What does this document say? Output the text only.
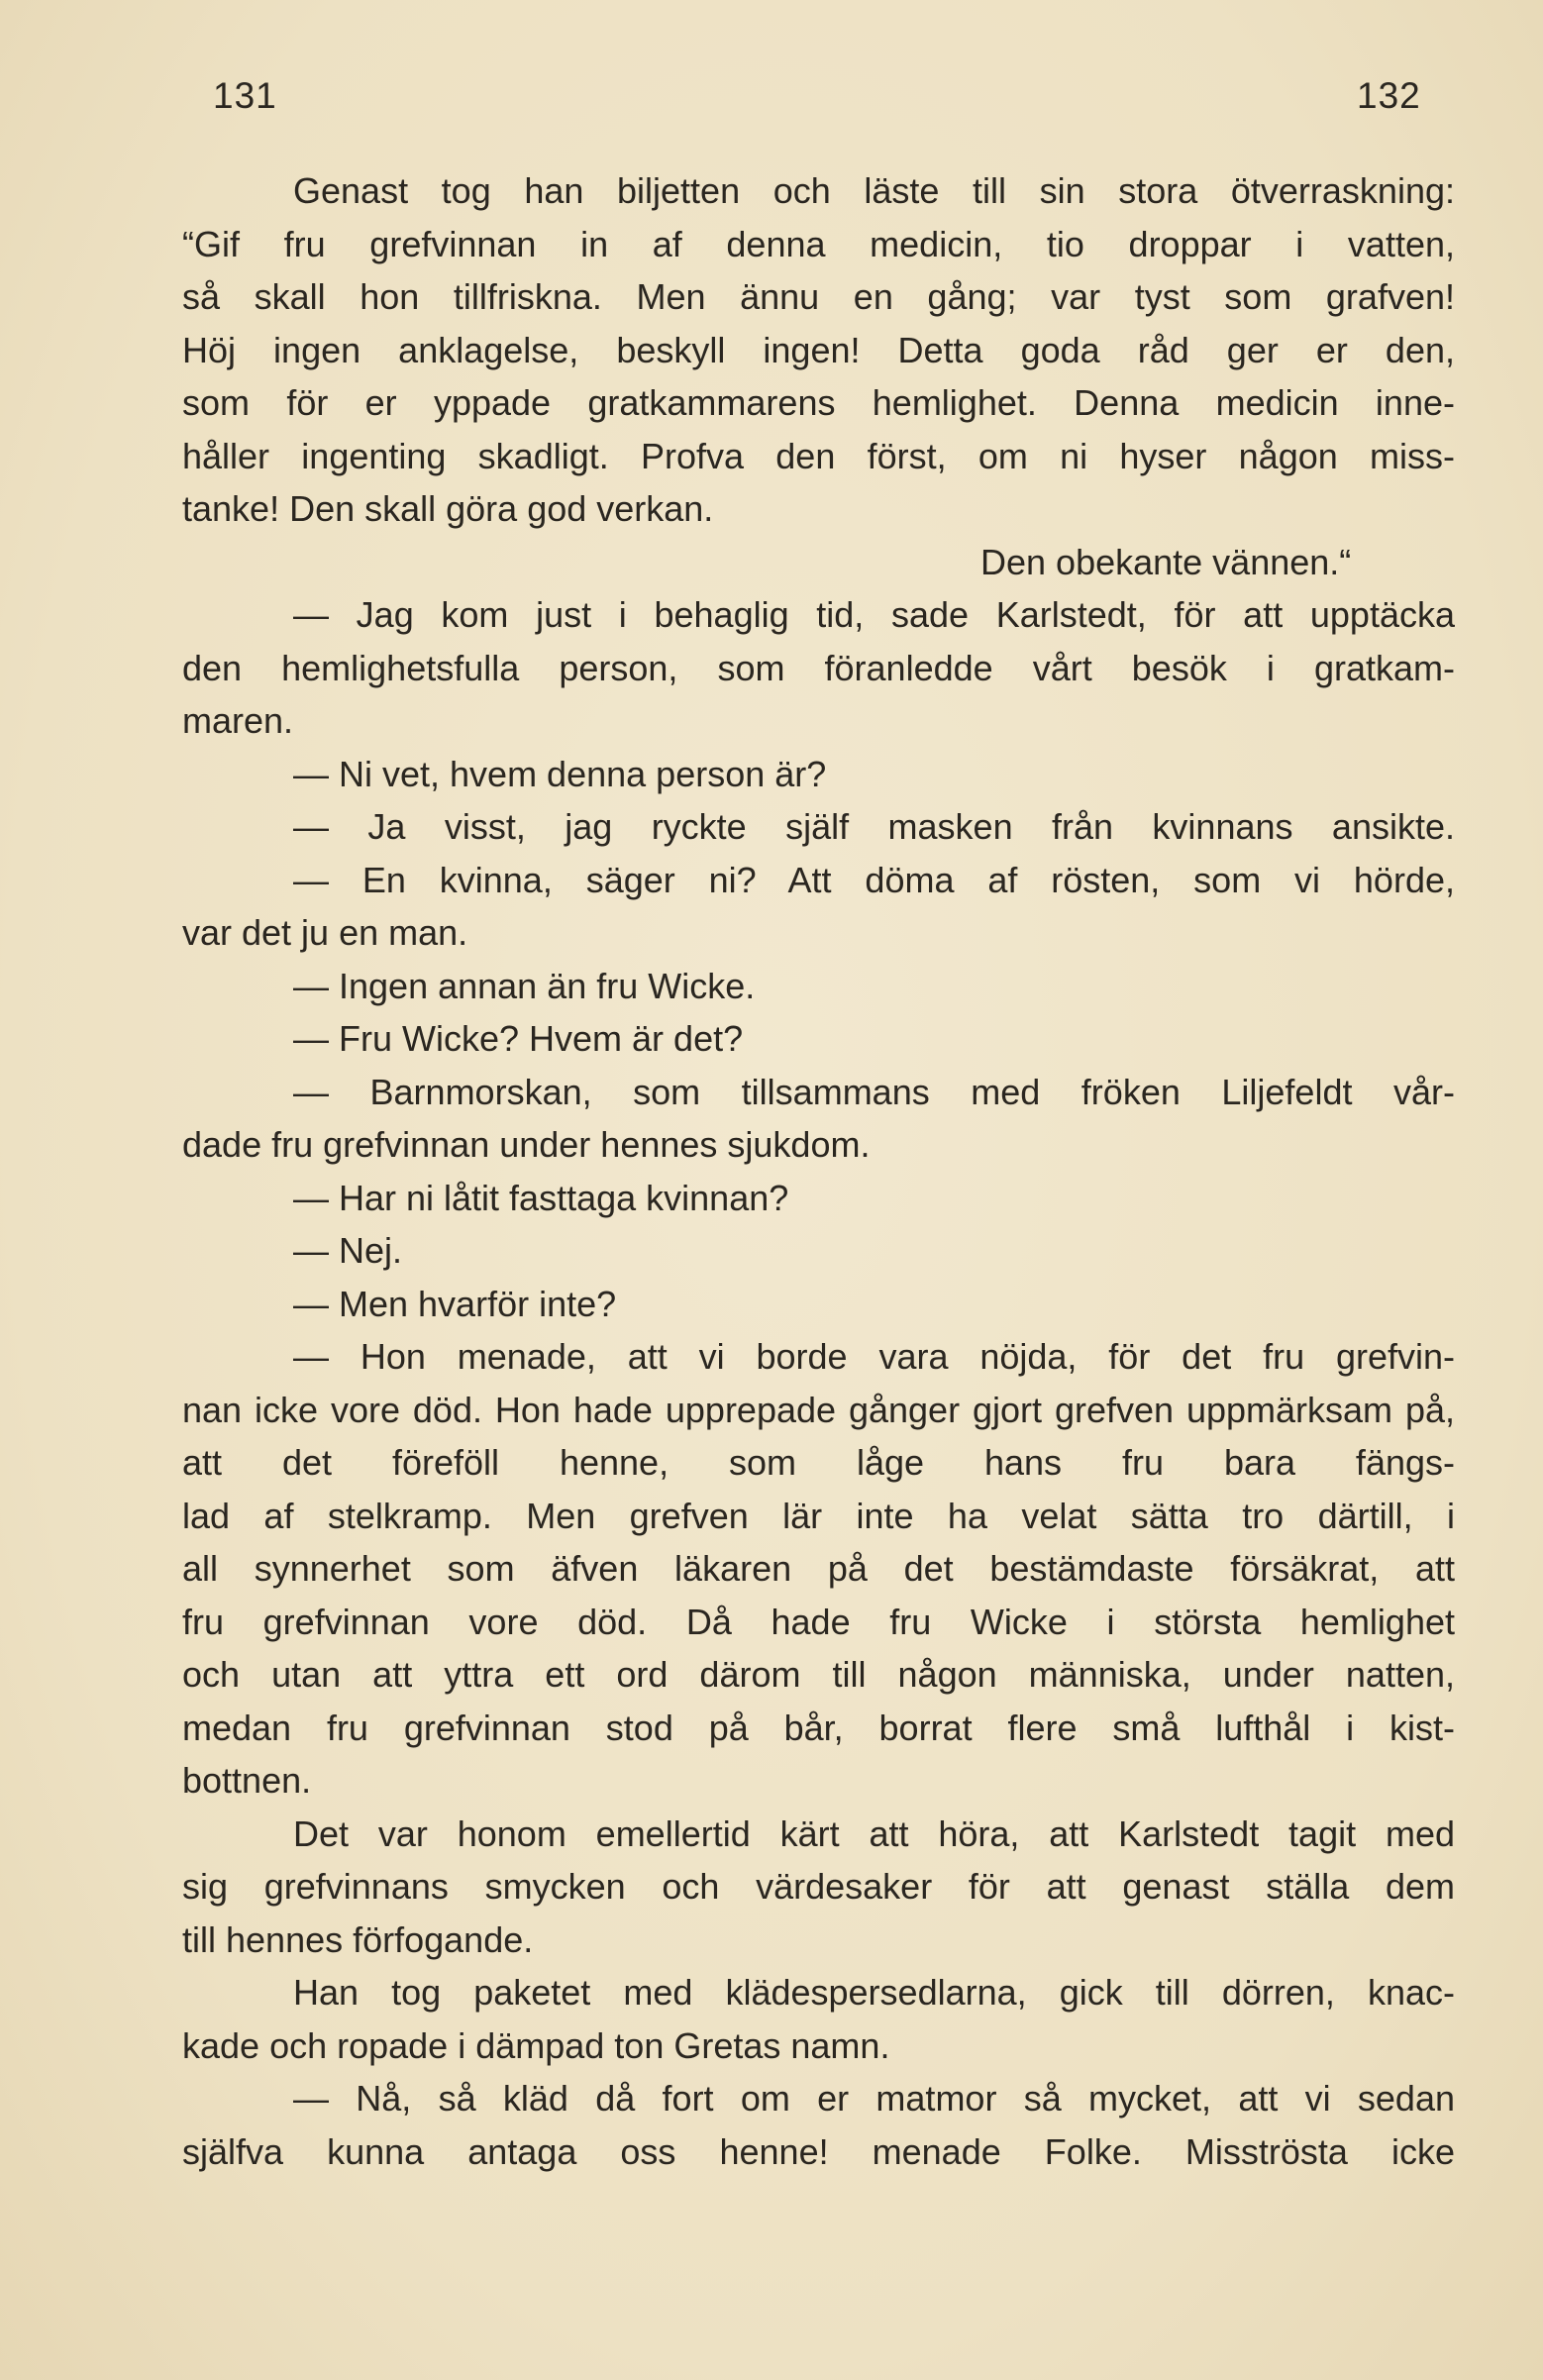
131	132
Genast tog han biljetten och läste till sin stora ötverraskning:
“Gif fru grefvinnan in af denna medicin, tio droppar i vatten,
så skall hon tillfriskna. Men ännu en gång; var tyst som grafven!
Höj ingen anklagelse, beskyll ingen! Detta goda råd ger er den,
som för er yppade gratkammarens hemlighet. Denna medicin inne-
håller ingenting skadligt. Profva den först, om ni hyser någon miss-
tanke! Den skall göra god verkan.
Den obekante vännen.“
— Jag kom just i behaglig tid, sade Karlstedt, för att upptäcka
den hemlighetsfulla person, som föranledde vårt besök i gratkam-
maren.
— Ni vet, hvem denna person är?
— Ja visst, jag ryckte själf masken från kvinnans ansikte.
— En kvinna, säger ni? Att döma af rösten, som vi hörde,
var det ju en man.
— Ingen annan än fru Wicke.
— Fru Wicke? Hvem är det?
— Barnmorskan, som tillsammans med fröken Liljefeldt vår-
dade fru grefvinnan under hennes sjukdom.
— Har ni låtit fasttaga kvinnan?
— Nej.
— Men hvarför inte?
— Hon menade, att vi borde vara nöjda, för det fru grefvin-
nan icke vore död. Hon hade upprepade gånger gjort grefven uppmärksam på, att det föreföll henne, som låge hans fru bara fängs-
lad af stelkramp. Men grefven lär inte ha velat sätta tro därtill, i
all synnerhet som äfven läkaren på det bestämdaste försäkrat, att
fru grefvinnan vore död. Då hade fru Wicke i största hemlighet
och utan att yttra ett ord därom till någon människa, under natten,
medan fru grefvinnan stod på bår, borrat flere små lufthål i kist-
bottnen.
Det var honom emellertid kärt att höra, att Karlstedt tagit med
sig grefvinnans smycken och värdesaker för att genast ställa dem
till hennes förfogande.
Han tog paketet med klädespersedlarna, gick till dörren, knac-
kade och ropade i dämpad ton Gretas namn.
— Nå, så kläd då fort om er matmor så mycket, att vi sedan
själfva kunna antaga oss henne! menade Folke. Misströsta icke
